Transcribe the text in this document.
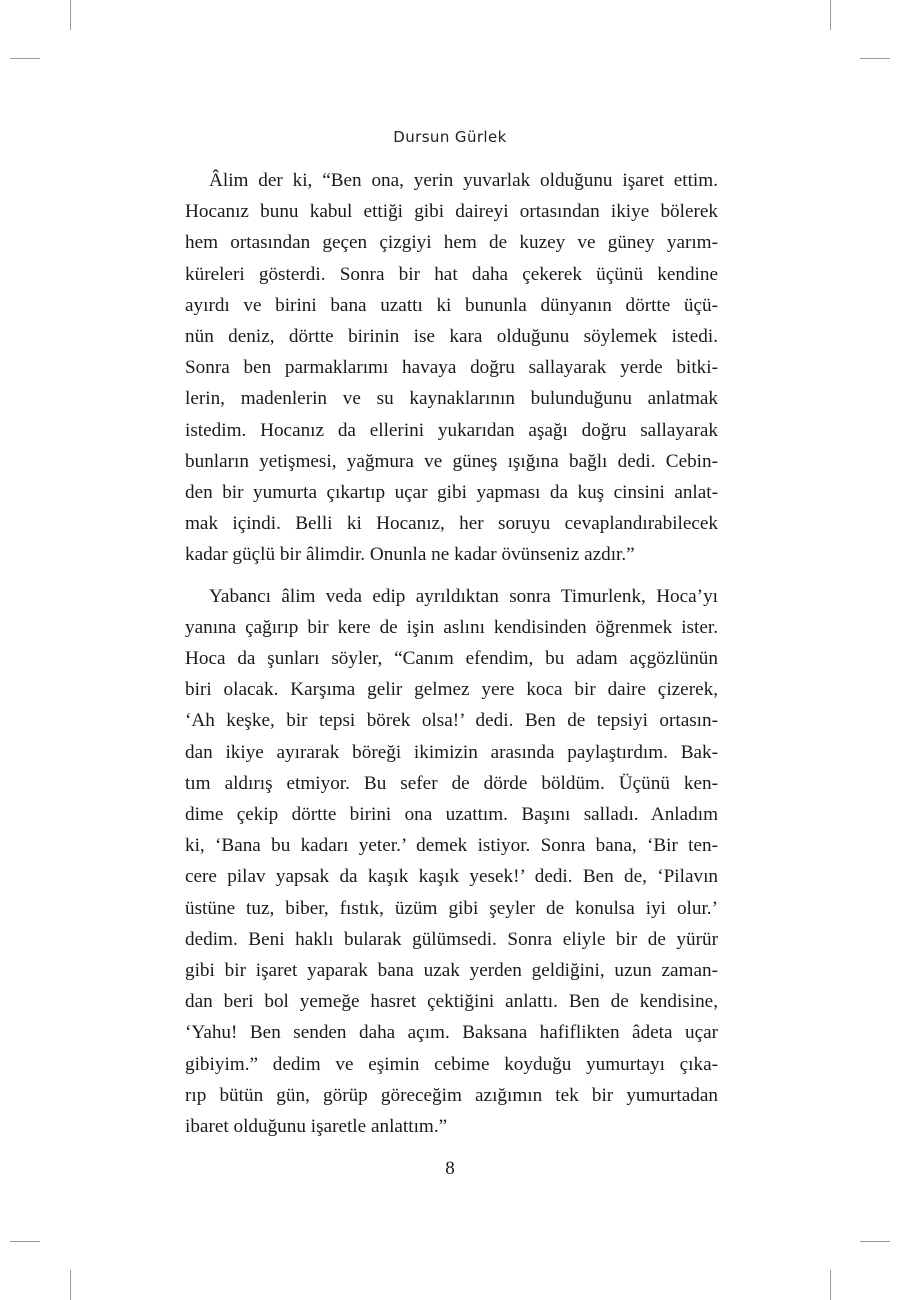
Dursun Gürlek

Âlim der ki, “Ben ona, yerin yuvarlak olduğunu işaret ettim.
Hocanız bunu kabul ettiği gibi daireyi ortasından ikiye bölerek
hem ortasından geçen çizgiyi hem de kuzey ve güney yarım-
küreleri gösterdi. Sonra bir hat daha çekerek üçünü kendine
ayırdı ve birini bana uzattı ki bununla dünyanın dörtte üçü-
nün deniz, dörtte birinin ise kara olduğunu söylemek istedi.
Sonra ben parmaklarımı havaya doğru sallayarak yerde bitki-
lerin, madenlerin ve su kaynaklarının bulunduğunu anlatmak
istedim. Hocanız da ellerini yukarıdan aşağı doğru sallayarak
bunların yetişmesi, yağmura ve güneş ışığına bağlı dedi. Cebin-
den bir yumurta çıkartıp uçar gibi yapması da kuş cinsini anlat-
mak içindi. Belli ki Hocanız, her soruyu cevaplandırabilecek
kadar güçlü bir âlimdir. Onunla ne kadar övünseniz azdır.”

Yabancı âlim veda edip ayrıldıktan sonra Timurlenk, Hoca’yı
yanına çağırıp bir kere de işin aslını kendisinden öğrenmek ister.
Hoca da şunları söyler, “Canım efendim, bu adam açgözlünün
biri olacak. Karşıma gelir gelmez yere koca bir daire çizerek,
‘Ah keşke, bir tepsi börek olsa!’ dedi. Ben de tepsiyi ortasın-
dan ikiye ayırarak böreği ikimizin arasında paylaştırdım. Bak-
tım aldırış etmiyor. Bu sefer de dörde böldüm. Üçünü ken-
dime çekip dörtte birini ona uzattım. Başını salladı. Anladım
ki, ‘Bana bu kadarı yeter.’ demek istiyor. Sonra bana, ‘Bir ten-
cere pilav yapsak da kaşık kaşık yesek!’ dedi. Ben de, ‘Pilavın
üstüne tuz, biber, fıstık, üzüm gibi şeyler de konulsa iyi olur.’
dedim. Beni haklı bularak gülümsedi. Sonra eliyle bir de yürür
gibi bir işaret yaparak bana uzak yerden geldiğini, uzun zaman-
dan beri bol yemeğe hasret çektiğini anlattı. Ben de kendisine,
‘Yahu! Ben senden daha açım. Baksana hafiflikten âdeta uçar
gibiyim.” dedim ve eşimin cebime koyduğu yumurtayı çıka-
rıp bütün gün, görüp göreceğim azığımın tek bir yumurtadan
ibaret olduğunu işaretle anlattım.”

8
